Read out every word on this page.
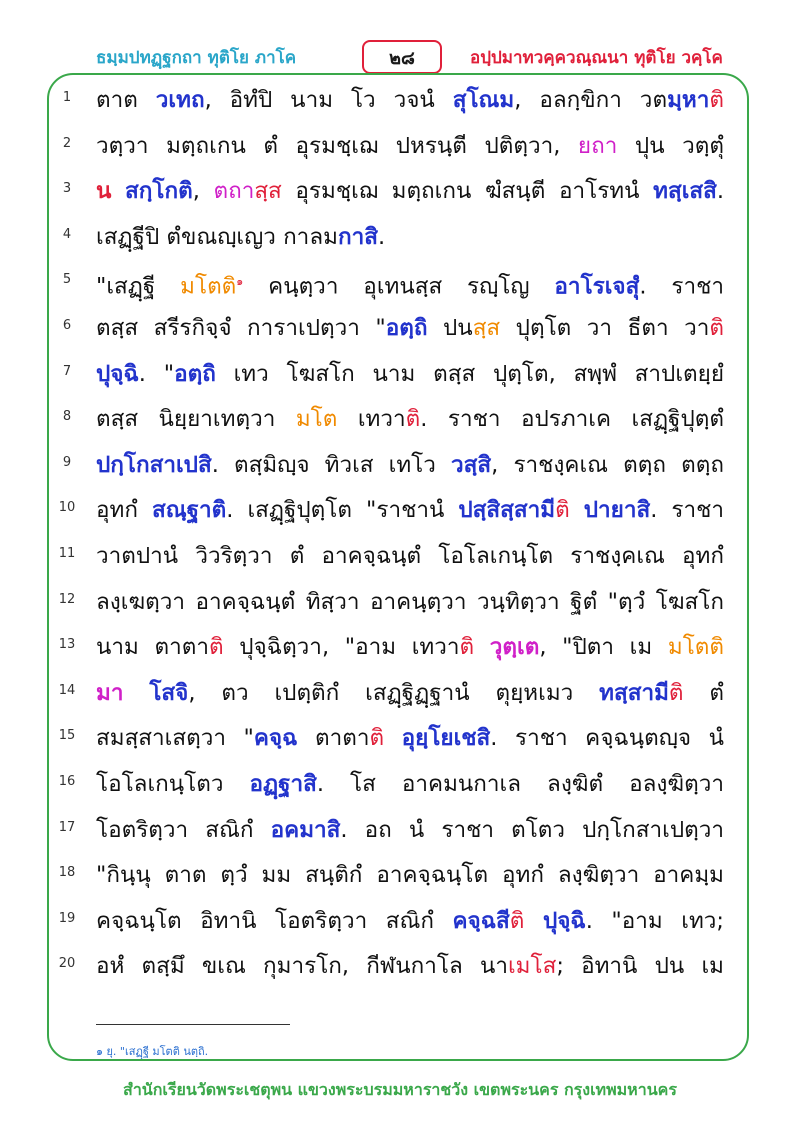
ธมฺมปทฏฺฐกถา ทุติโย ภาโค	๒๘	อปฺปมาทวคฺควณฺณนา ทุติโย วคฺโค
1	ตาต วเทถ, อิทํปิ นาม โว วจนํ สุโณม, อลกฺขิกา วตมฺหาติ
2	วตฺวา มตฺถเกน ตํ อุรมชฺเฌ ปหรนฺตี ปติตฺวา, ยถา ปุน วตฺตุํ
3	น สกฺโกติ, ตถาสฺส อุรมชฺเฌ มตฺถเกน ฆํสนฺตี อาโรทนํ ทสฺเสสิ.
4	เสฏฺฐีปิ ตํขณญฺเญว กาลมกาสิ.
5	"เสฏฺฐี มโตติ$^๑$ คนฺตฺวา อุเทนสฺส รญฺโญ อาโรเจสุํ. ราชา
6	ตสฺส สรีรกิจฺจํ การาเปตฺวา "อตฺถิ ปนสฺส ปุตฺโต วา ธีตา วาติ
7	ปุจฺฉิ. "อตฺถิ เทว โฆสโก นาม ตสฺส ปุตฺโต, สพฺพํ สาปเตยฺยํ
8	ตสฺส นิยฺยาเทตฺวา มโต เทวาติ. ราชา อปรภาเค เสฏฺฐิปุตฺตํ
9	ปกฺโกสาเปสิ. ตสฺมิญฺจ ทิวเส เทโว วสฺสิ, ราชงฺคเณ ตตฺถ ตตฺถ
10 อุทกํ สณฺฐาติ. เสฏฺฐิปุตฺโต "ราชานํ ปสฺสิสฺสามีติ ปายาสิ. ราชา
11 วาตปานํ วิวริตฺวา ตํ อาคจฺฉนฺตํ โอโลเกนฺโต ราชงฺคเณ อุทกํ
12 ลงฺเฆตฺวา อาคจฺฉนฺตํ ทิสฺวา อาคนฺตฺวา วนฺทิตฺวา ฐิตํ "ตฺวํ โฆสโก
13 นาม ตาตาติ ปุจฺฉิตฺวา, "อาม เทวาติ วุตฺเต, "ปิตา เม มโตติ
14 มา โสจิ, ตว เปตฺติกํ เสฏฺฐิฏฺฐานํ ตุยฺหเมว ทสฺสามีติ ตํ
15 สมสฺสาเสตฺวา "คจฺฉ ตาตาติ อุยฺโยเชสิ. ราชา คจฺฉนฺตญฺจ นํ
16 โอโลเกนฺโตว อฏฺฐาสิ. โส อาคมนกาเล ลงฺฆิตํ อลงฺฆิตฺวา
17 โอตริตฺวา สณิกํ อคมาสิ. อถ นํ ราชา ตโตว ปกฺโกสาเปตฺวา
18 "กินฺนุ ตาต ตฺวํ มม สนฺติกํ อาคจฺฉนฺโต อุทกํ ลงฺฆิตฺวา อาคมฺม
19 คจฺฉนฺโต อิทานิ โอตริตฺวา สณิกํ คจฺฉสีติ ปุจฺฉิ. "อาม เทว;
20 อหํ ตสฺมึ ขเณ กุมารโก, กีฬนกาโล นาเมโส; อิทานิ ปน เม
๑ ยุ. "เสฏฺฐี มโตติ นตฺถิ.
สำนักเรียนวัดพระเชตุพน แขวงพระบรมมหาราชวัง เขตพระนคร กรุงเทพมหานคร
